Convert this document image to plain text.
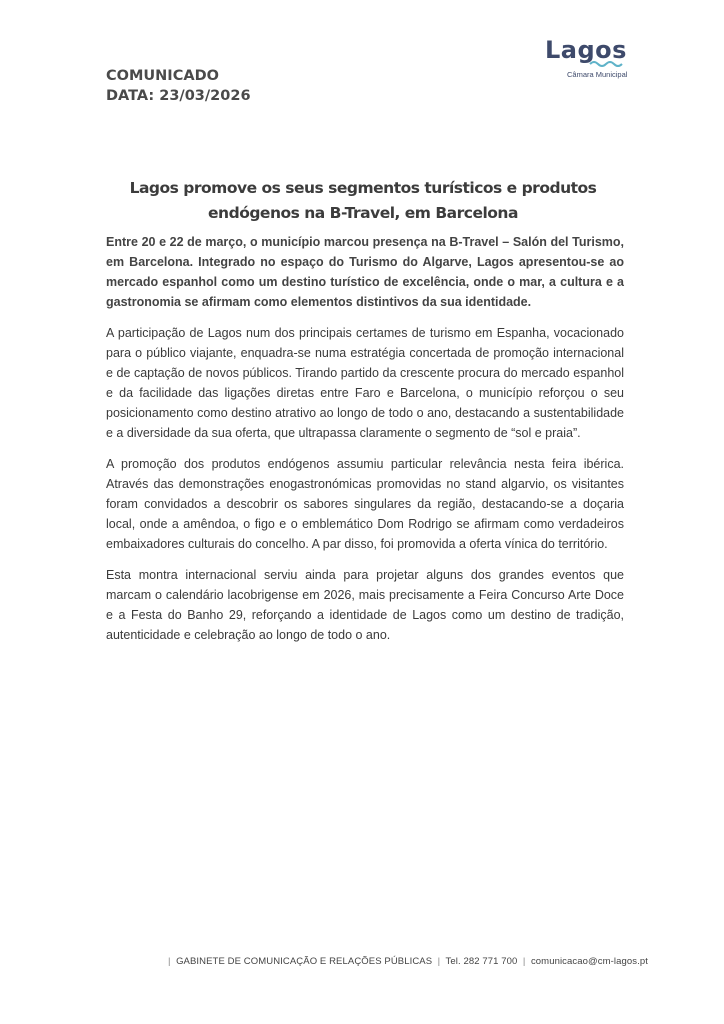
Lagos
Câmara Municipal

COMUNICADO

DATA: 23/03/2026

Lagos promove os seus segmentos turísticos e produtos endógenos na B-Travel, em Barcelona

Entre 20 e 22 de março, o município marcou presença na B-Travel – Salón del Turismo, em Barcelona. Integrado no espaço do Turismo do Algarve, Lagos apresentou-se ao mercado espanhol como um destino turístico de excelência, onde o mar, a cultura e a gastronomia se afirmam como elementos distintivos da sua identidade.

A participação de Lagos num dos principais certames de turismo em Espanha, vocacionado para o público viajante, enquadra-se numa estratégia concertada de promoção internacional e de captação de novos públicos. Tirando partido da crescente procura do mercado espanhol e da facilidade das ligações diretas entre Faro e Barcelona, o município reforçou o seu posicionamento como destino atrativo ao longo de todo o ano, destacando a sustentabilidade e a diversidade da sua oferta, que ultrapassa claramente o segmento de “sol e praia”.

A promoção dos produtos endógenos assumiu particular relevância nesta feira ibérica. Através das demonstrações enogastronómicas promovidas no stand algarvio, os visitantes foram convidados a descobrir os sabores singulares da região, destacando-se a doçaria local, onde a amêndoa, o figo e o emblemático Dom Rodrigo se afirmam como verdadeiros embaixadores culturais do concelho. A par disso, foi promovida a oferta vínica do território.

Esta montra internacional serviu ainda para projetar alguns dos grandes eventos que marcam o calendário lacobrigense em 2026, mais precisamente a Feira Concurso Arte Doce e a Festa do Banho 29, reforçando a identidade de Lagos como um destino de tradição, autenticidade e celebração ao longo de todo o ano.

|  GABINETE DE COMUNICAÇÃO E RELAÇÕES PÚBLICAS  |  Tel. 282 771 700  |  comunicacao@cm-lagos.pt
